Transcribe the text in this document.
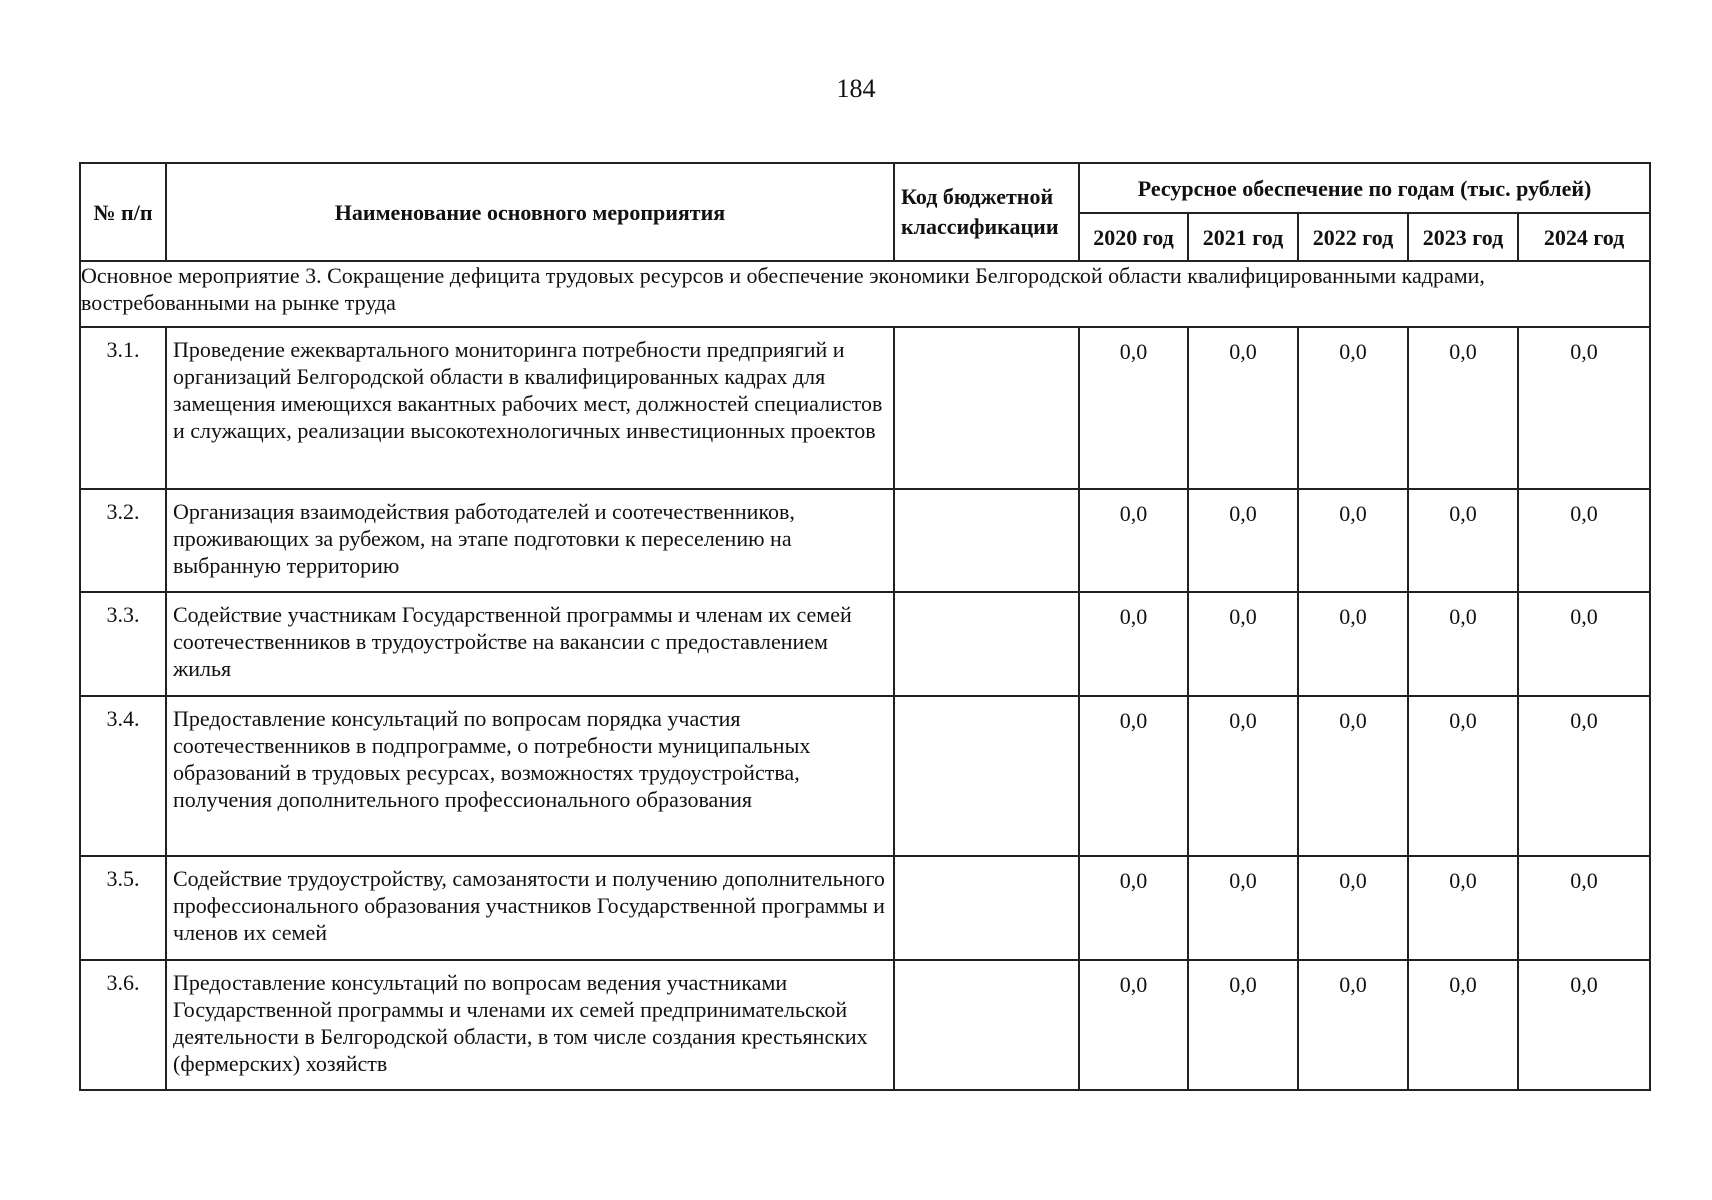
184
№ п/п	Наименование основного мероприятия	Код бюджетной классификации	Ресурсное обеспечение по годам (тыс. рублей)				
			2020 год	2021 год	2022 год	2023 год	2024 год
Основное мероприятие 3. Сокращение дефицита трудовых ресурсов и обеспечение экономики Белгородской области квалифицированными кадрами, востребованными на рынке труда							
3.1.	Проведение ежеквартального мониторинга потребности предприягий и организаций Белгородской области в квалифицированных кадрах для замещения имеющихся вакантных рабочих мест, должностей специалистов и служащих, реализации высокотехнологичных инвестиционных проектов		0,0	0,0	0,0	0,0	0,0
3.2.	Организация взаимодействия работодателей и соотечественников, проживающих за рубежом, на этапе подготовки к переселению на выбранную территорию		0,0	0,0	0,0	0,0	0,0
3.3.	Содействие участникам Государственной программы и членам их семей соотечественников в трудоустройстве на вакансии с предоставлением жилья		0,0	0,0	0,0	0,0	0,0
3.4.	Предоставление консультаций по вопросам порядка участия соотечественников в подпрограмме, о потребности муниципальных образований в трудовых ресурсах, возможностях трудоустройства, получения дополнительного профессионального образования		0,0	0,0	0,0	0,0	0,0
3.5.	Содействие трудоустройству, самозанятости и получению дополнительного профессионального образования участников Государственной программы и членов их семей		0,0	0,0	0,0	0,0	0,0
3.6.	Предоставление консультаций по вопросам ведения участниками Государственной программы и членами их семей предпринимательской деятельности в Белгородской области, в том числе создания крестьянских (фермерских) хозяйств		0,0	0,0	0,0	0,0	0,0
